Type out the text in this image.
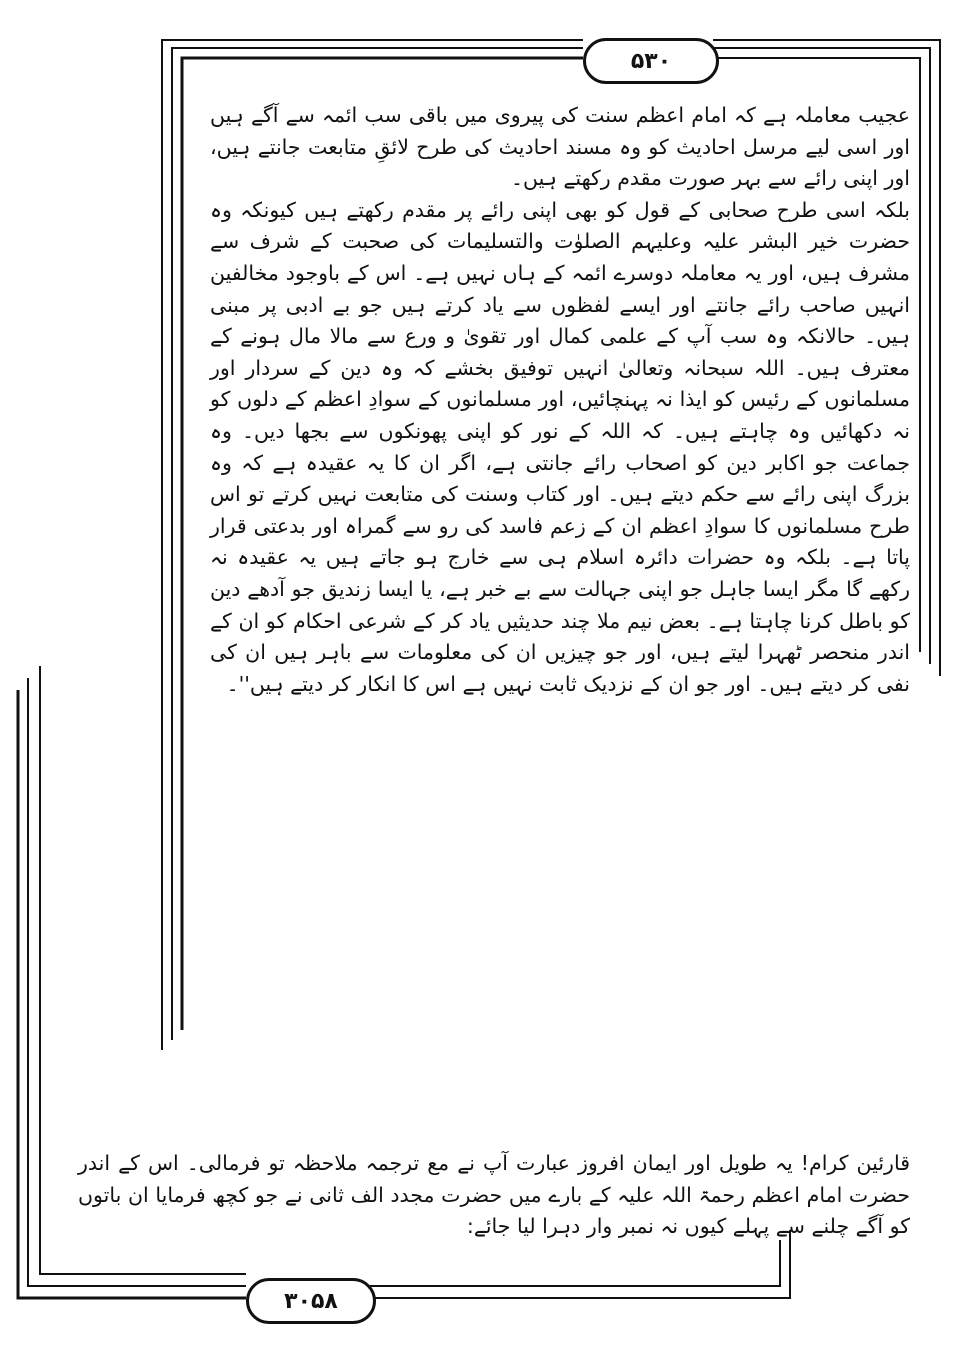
۵۳۰

عجیب معاملہ ہے کہ امام اعظم سنت کی پیروی میں باقی سب ائمہ سے آگے ہیں اور اسی لیے مرسل احادیث کو وہ مسند احادیث کی طرح لائقِ متابعت جانتے ہیں، اور اپنی رائے سے بہر صورت مقدم رکھتے ہیں۔

بلکہ اسی طرح صحابی کے قول کو بھی اپنی رائے پر مقدم رکھتے ہیں کیونکہ وہ حضرت خیر البشر علیہ وعلیہم الصلوٰت والتسلیمات کی صحبت کے شرف سے مشرف ہیں، اور یہ معاملہ دوسرے ائمہ کے ہاں نہیں ہے۔ اس کے باوجود مخالفین انہیں صاحب رائے جانتے اور ایسے لفظوں سے یاد کرتے ہیں جو بے ادبی پر مبنی ہیں۔ حالانکہ وہ سب آپ کے علمی کمال اور تقویٰ و ورع سے مالا مال ہونے کے معترف ہیں۔ اللہ سبحانہ وتعالیٰ انہیں توفیق بخشے کہ وہ دین کے سردار اور مسلمانوں کے رئیس کو ایذا نہ پہنچائیں، اور مسلمانوں کے سوادِ اعظم کے دلوں کو نہ دکھائیں وہ چاہتے ہیں۔ کہ اللہ کے نور کو اپنی پھونکوں سے بجھا دیں۔ وہ جماعت جو اکابر دین کو اصحاب رائے جانتی ہے، اگر ان کا یہ عقیدہ ہے کہ وہ بزرگ اپنی رائے سے حکم دیتے ہیں۔ اور کتاب وسنت کی متابعت نہیں کرتے تو اس طرح مسلمانوں کا سوادِ اعظم ان کے زعم فاسد کی رو سے گمراہ اور بدعتی قرار پاتا ہے۔ بلکہ وہ حضرات دائرہ اسلام ہی سے خارج ہو جاتے ہیں یہ عقیدہ نہ رکھے گا مگر ایسا جاہل جو اپنی جہالت سے بے خبر ہے، یا ایسا زندیق جو آدھے دین کو باطل کرنا چاہتا ہے۔ بعض نیم ملا چند حدیثیں یاد کر کے شرعی احکام کو ان کے اندر منحصر ٹھہرا لیتے ہیں، اور جو چیزیں ان کی معلومات سے باہر ہیں ان کی نفی کر دیتے ہیں۔ اور جو ان کے نزدیک ثابت نہیں ہے اس کا انکار کر دیتے ہیں''۔

قارئین کرام! یہ طویل اور ایمان افروز عبارت آپ نے مع ترجمہ ملاحظہ تو فرمالی۔ اس کے اندر حضرت امام اعظم رحمۃ اللہ علیہ کے بارے میں حضرت مجدد الف ثانی نے جو کچھ فرمایا ان باتوں کو آگے چلنے سے پہلے کیوں نہ نمبر وار دہرا لیا جائے:

۳۰۵۸
